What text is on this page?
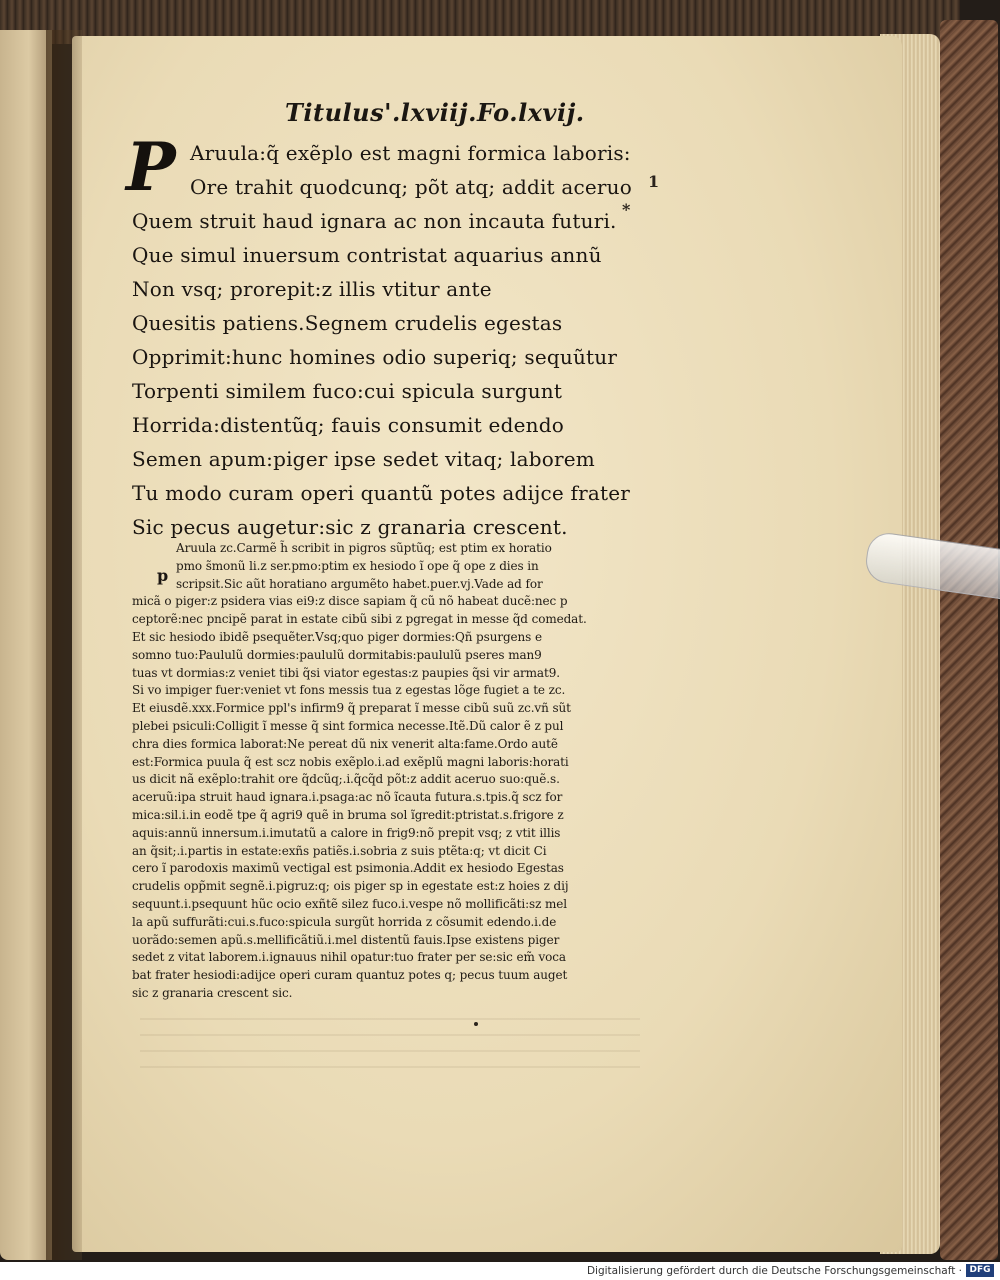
Titulus'.lxviij.Fo.lxvij.
P Aruula:q̃ exẽplo est magni formica laboris:
Ore trahit quodcunq; põt atq; addit aceruo
Quem struit haud ignara ac non incauta futuri.
Que simul inuersum contristat aquarius annũ
Non vsq; prorepit:z illis vtitur ante
Quesitis patiens.Segnem crudelis egestas
Opprimit:hunc homines odio superiq; sequũtur
Torpenti similem fuco:cui spicula surgunt
Horrida:distentũq; fauis consumit edendo
Semen apum:piger ipse sedet vitaq; laborem
Tu modo curam operi quantũ potes adijce frater
Sic pecus augetur:sic z granaria crescent.
1
*
p
Aruula zc.Carmẽ h̃ scribit in pigros sũptũq; est ptim ex horatio
pmo s̃monũ li.z ser.pmo:ptim ex hesiodo ĩ ope q̃ ope z dies in
scripsit.Sic aũt horatiano argumẽto habet.puer.vj.Vade ad for
micã o piger:z psidera vias ei9:z disce sapiam q̃ cũ nõ habeat ducẽ:nec p
ceptorẽ:nec pncipẽ parat in estate cibũ sibi z pgregat in messe q̃d comedat.
Et sic hesiodo ibidẽ psequẽter.Vsq;quo piger dormies:Qñ psurgens e
somno tuo:Paululũ dormies:paululũ dormitabis:paululũ pseres man9
tuas vt dormias:z veniet tibi q̃si viator egestas:z paupies q̃si vir armat9.
Si vo impiger fuer:veniet vt fons messis tua z egestas lõge fugiet a te zc.
Et eiusdẽ.xxx.Formice ppl's infirm9 q̃ preparat ĩ messe cibũ suũ zc.vñ sũt
plebei psiculi:Colligit ĩ messe q̃ sint formica necesse.Itẽ.Dũ calor ẽ z pul
chra dies formica laborat:Ne pereat dũ nix venerit alta:fame.Ordo autẽ
est:Formica puula q̃ est scz nobis exẽplo.i.ad exẽplũ magni laboris:horati
us dicit nã exẽplo:trahit ore q̃dcũq;.i.q̃cq̃d põt:z addit aceruo suo:quẽ.s.
aceruũ:ipa struit haud ignara.i.psaga:ac nõ ĩcauta futura.s.tpis.q̃ scz for
mica:sil.i.in eodẽ tpe q̃ agri9 quẽ in bruma sol ĩgredit:ptristat.s.frigore z
aquis:annũ innersum.i.imutatũ a calore in frig9:nõ prepit vsq; z vtit illis
an q̃sit;.i.partis in estate:exñs patiẽs.i.sobria z suis ptẽta:q; vt dicit Ci
cero ĩ parodoxis maximũ vectigal est psimonia.Addit ex hesiodo Egestas
crudelis opp̃mit segnẽ.i.pigruz:q; ois piger sp in egestate est:z hoies z dij
sequunt.i.psequunt hũc ocio exñtẽ silez fuco.i.vespe nõ mollificãti:sz mel
la apũ suffurãti:cui.s.fuco:spicula surgũt horrida z cõsumit edendo.i.de
uorãdo:semen apũ.s.mellificãtiũ.i.mel distentũ fauis.Ipse existens piger
sedet z vitat laborem.i.ignauus nihil opatur:tuo frater per se:sic em̃ voca
bat frater hesiodi:adijce operi curam quantuz potes q; pecus tuum auget
sic z granaria crescent sic.
Digitalisierung gefördert durch die Deutsche Forschungsgemeinschaft · DFG
